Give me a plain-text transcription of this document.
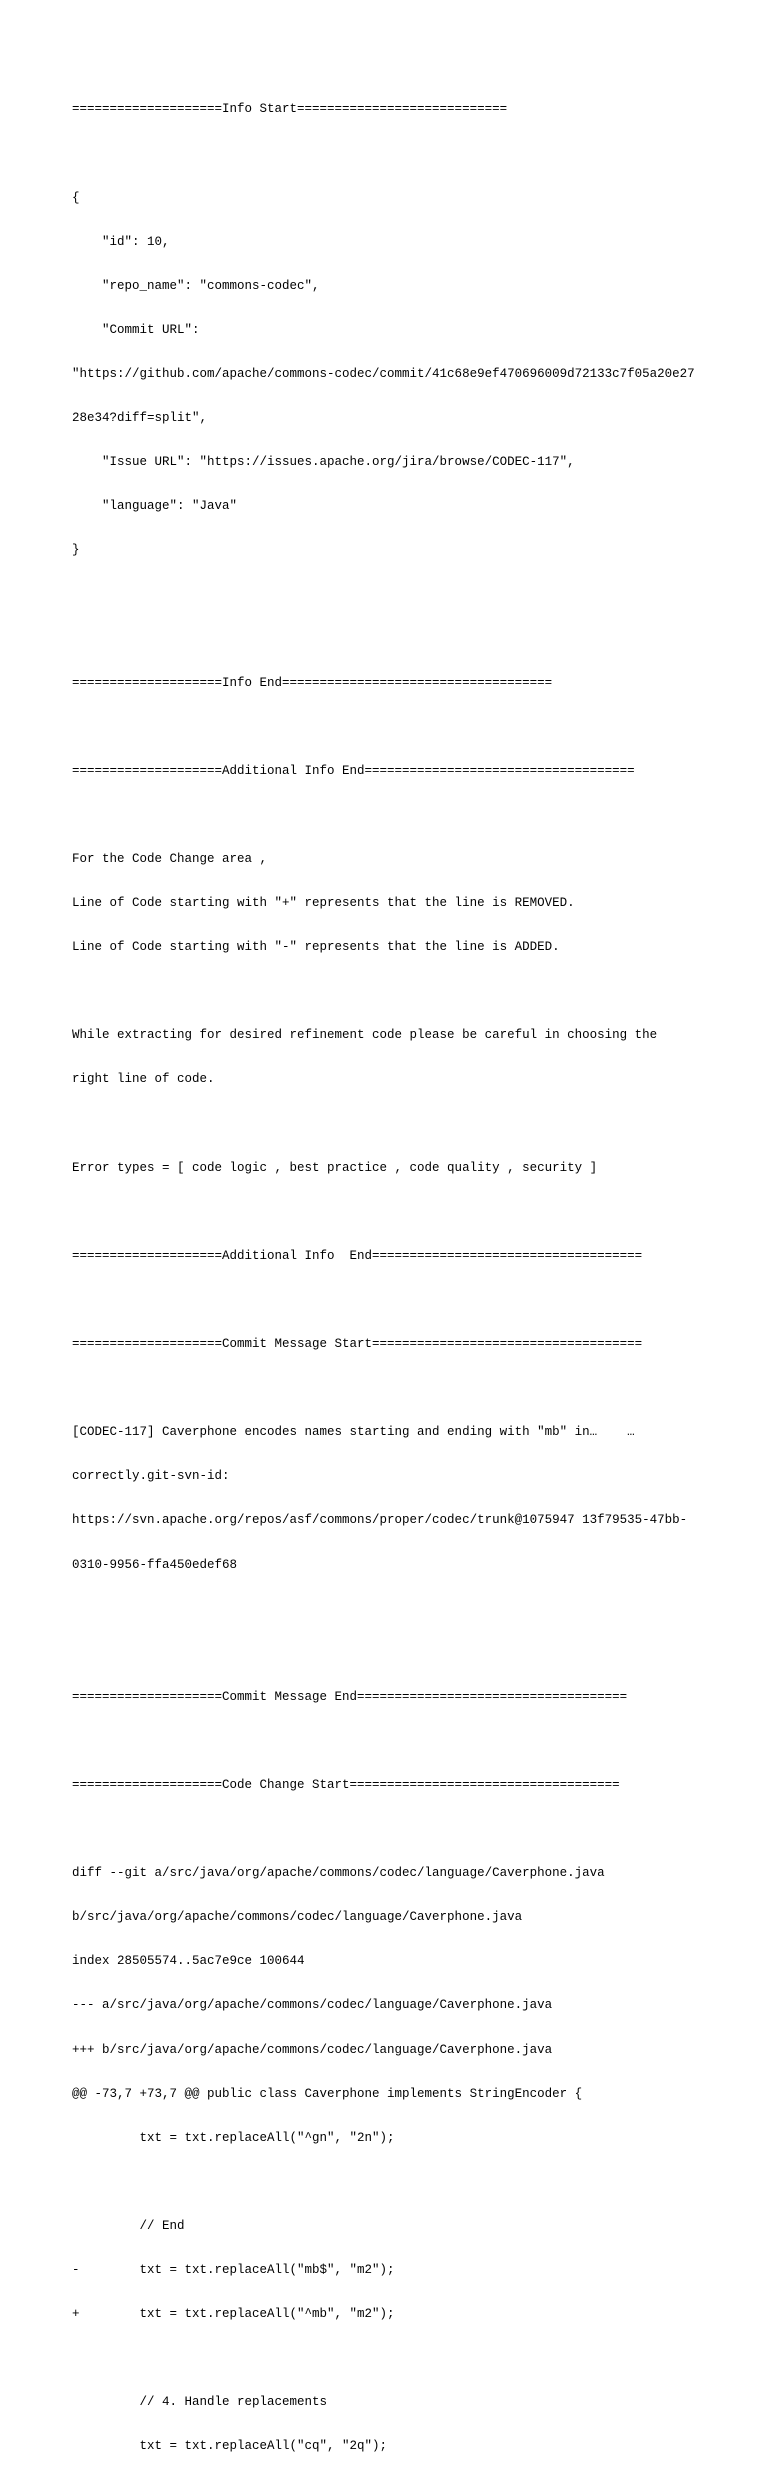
====================Info Start============================

{

"id": 10,

"repo_name": "commons-codec",

"Commit URL":

"https://github.com/apache/commons-codec/commit/41c68e9ef470696009d72133c7f05a20e27

28e34?diff=split",

"Issue URL": "https://issues.apache.org/jira/browse/CODEC-117",

"language": "Java"

}

====================Info End====================================

====================Additional Info End====================================

For the Code Change area ,

Line of Code starting with "+" represents that the line is REMOVED.

Line of Code starting with "-" represents that the line is ADDED.

While extracting for desired refinement code please be careful in choosing the

right line of code.

Error types = [ code logic , best practice , code quality , security ]

====================Additional Info  End====================================

====================Commit Message Start====================================

[CODEC-117] Caverphone encodes names starting and ending with "mb" in…    …

correctly.git-svn-id:

https://svn.apache.org/repos/asf/commons/proper/codec/trunk@1075947 13f79535-47bb-

0310-9956-ffa450edef68

====================Commit Message End====================================

====================Code Change Start====================================

diff --git a/src/java/org/apache/commons/codec/language/Caverphone.java

b/src/java/org/apache/commons/codec/language/Caverphone.java

index 28505574..5ac7e9ce 100644

--- a/src/java/org/apache/commons/codec/language/Caverphone.java

+++ b/src/java/org/apache/commons/codec/language/Caverphone.java

@@ -73,7 +73,7 @@ public class Caverphone implements StringEncoder {

txt = txt.replaceAll("^gn", "2n");

// End

-        txt = txt.replaceAll("mb$", "m2");

+        txt = txt.replaceAll("^mb", "m2");

// 4. Handle replacements

txt = txt.replaceAll("cq", "2q");
